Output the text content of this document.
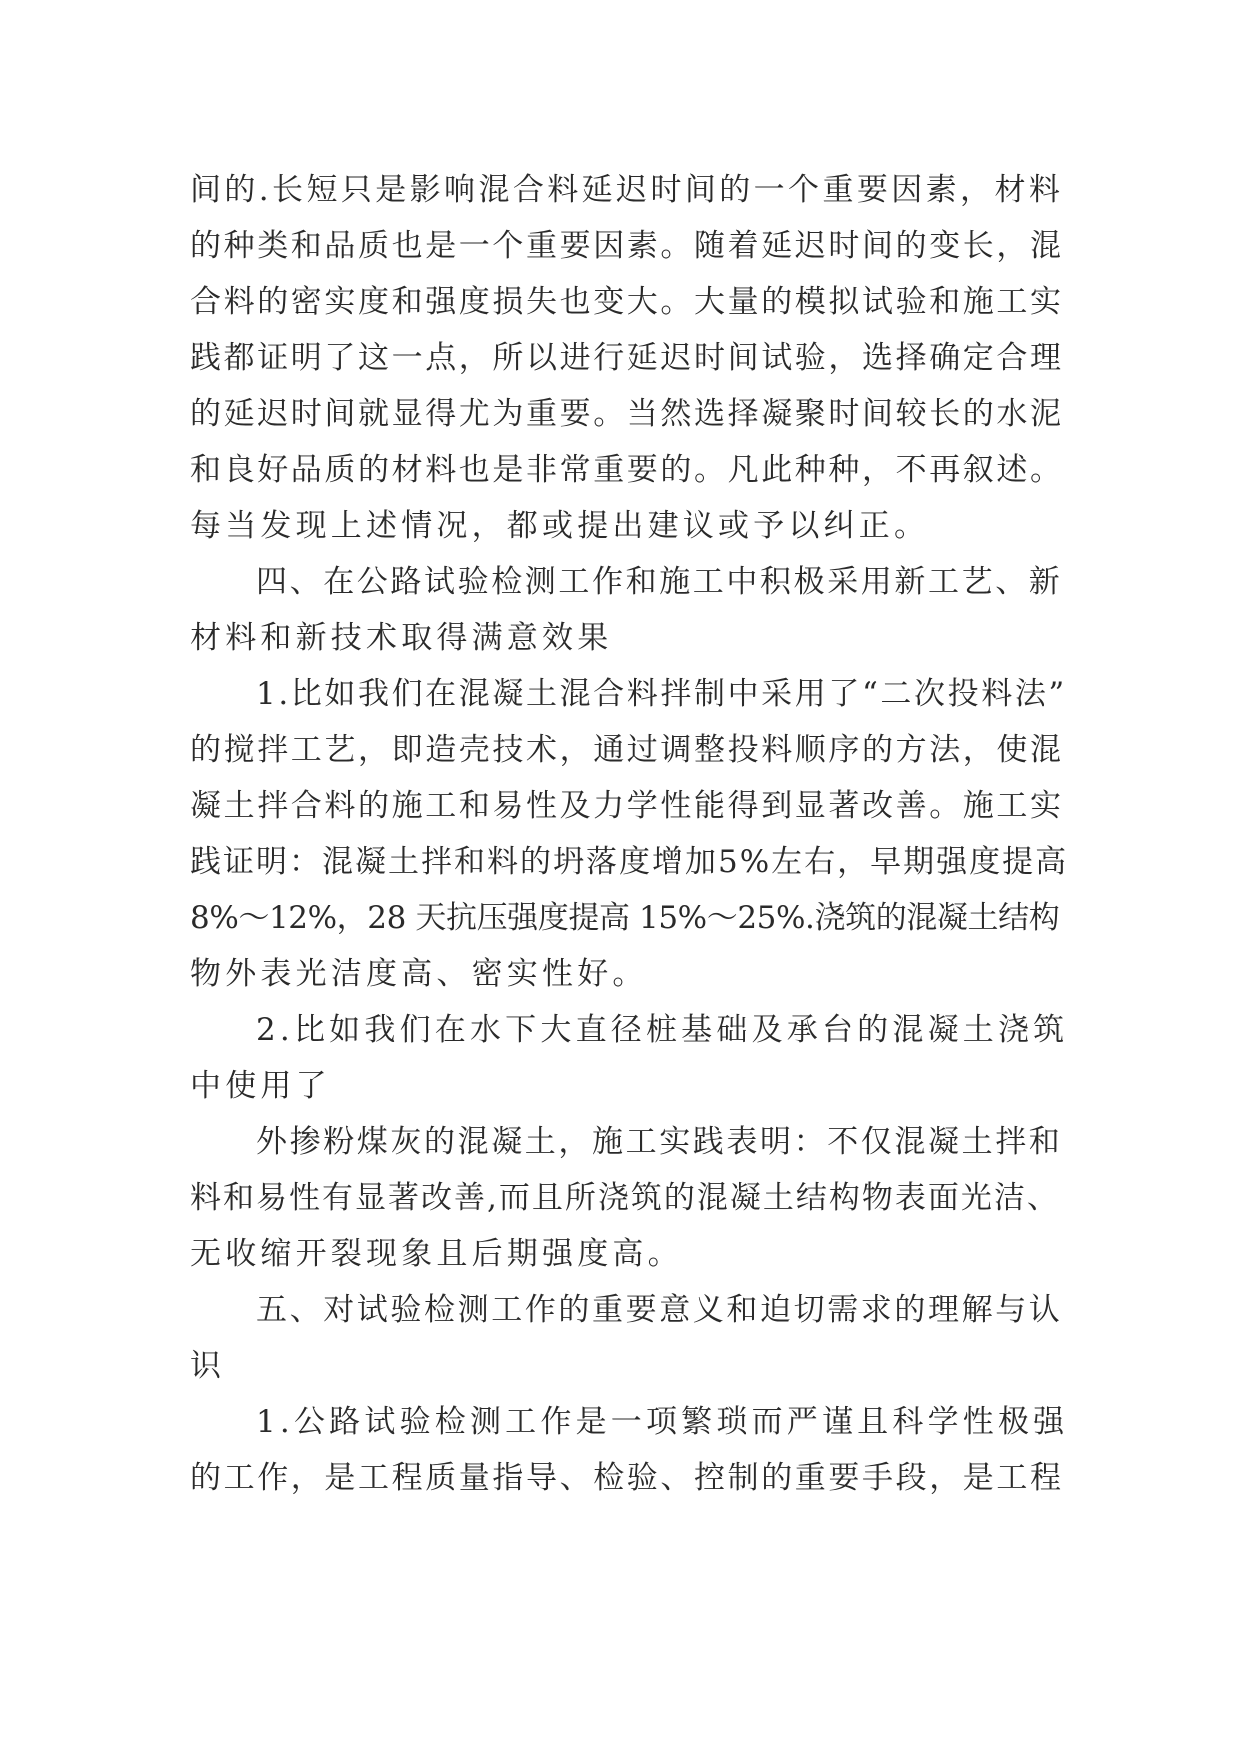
间的.长短只是影响混合料延迟时间的一个重要因素，材料
的种类和品质也是一个重要因素。随着延迟时间的变长，混
合料的密实度和强度损失也变大。大量的模拟试验和施工实
践都证明了这一点，所以进行延迟时间试验，选择确定合理
的延迟时间就显得尤为重要。当然选择凝聚时间较长的水泥
和良好品质的材料也是非常重要的。凡此种种，不再叙述。
每当发现上述情况，都或提出建议或予以纠正。
四、在公路试验检测工作和施工中积极采用新工艺、新
材料和新技术取得满意效果
1.比如我们在混凝土混合料拌制中采用了“二次投料法”
的搅拌工艺，即造壳技术，通过调整投料顺序的方法，使混
凝土拌合料的施工和易性及力学性能得到显著改善。施工实
践证明：混凝土拌和料的坍落度增加5%左右，早期强度提高
8%～12%，28 天抗压强度提高 15%～25%.浇筑的混凝土结构
物外表光洁度高、密实性好。
2.比如我们在水下大直径桩基础及承台的混凝土浇筑
中使用了
外掺粉煤灰的混凝土，施工实践表明：不仅混凝土拌和
料和易性有显著改善,而且所浇筑的混凝土结构物表面光洁、
无收缩开裂现象且后期强度高。
五、对试验检测工作的重要意义和迫切需求的理解与认
识
1.公路试验检测工作是一项繁琐而严谨且科学性极强
的工作，是工程质量指导、检验、控制的重要手段，是工程
